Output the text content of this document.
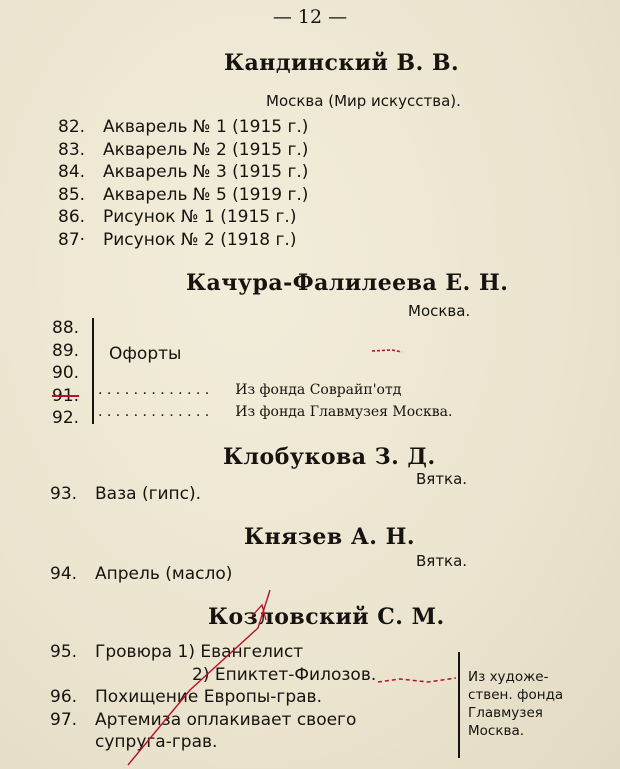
— 12 —
Кандинский В. В.
Москва (Мир искусства).
82. Акварель № 1 (1915 г.)
83. Акварель № 2 (1915 г.)
84. Акварель № 3 (1915 г.)
85. Акварель № 5 (1919 г.)
86. Рисунок № 1 (1915 г.)
87· Рисунок № 2 (1918 г.)
Качура-Фалилеева Е. Н.
Москва.
88.
89.
90.
91.
92.
Офорты
. . . . . . . . . . . . . Из фонда Соврайп'отд
. . . . . . . . . . . . . Из фонда Главмузея Москва.
Клобукова З. Д.
Вятка.
93. Ваза (гипс).
Князев А. Н.
Вятка.
94. Апрель (масло)
Козловский С. М.
95. Гровюра 1) Евангелист
2) Епиктет-Филозов.
96. Похищение Европы-грав.
97. Артемиза оплакивает своего
супруга-грав.
Из художе-
ствен. фонда
Главмузея
Москва.
